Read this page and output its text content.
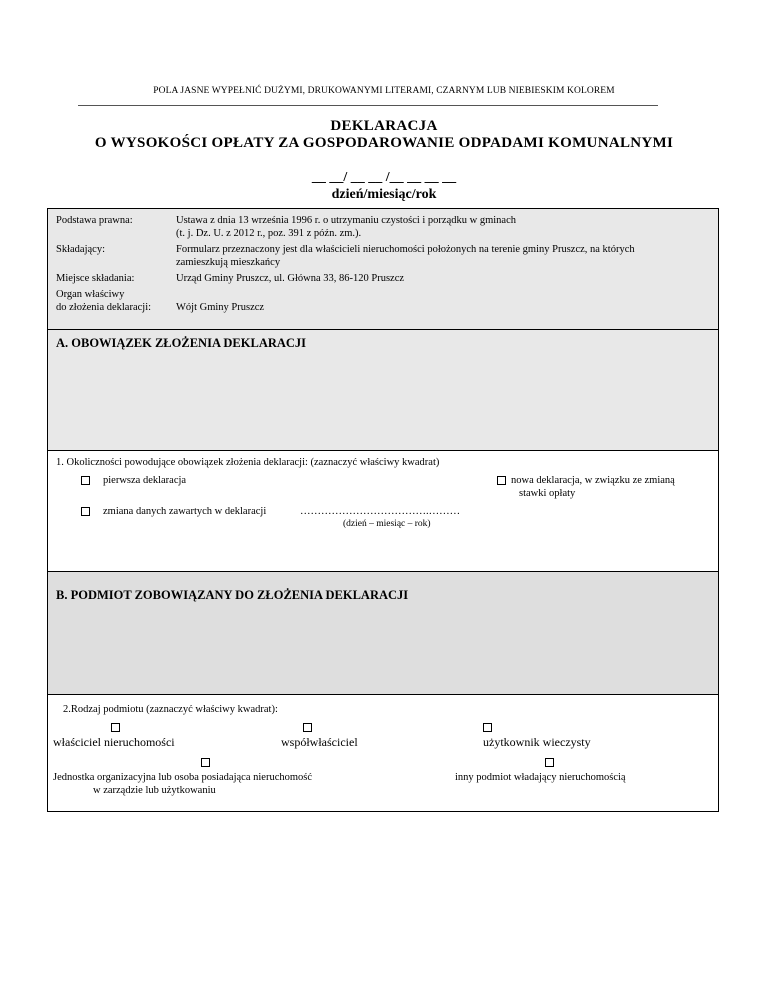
POLA JASNE WYPEŁNIĆ DUŻYMI, DRUKOWANYMI LITERAMI, CZARNYM LUB NIEBIESKIM KOLOREM
DEKLARACJA
O WYSOKOŚCI OPŁATY ZA GOSPODAROWANIE ODPADAMI KOMUNALNYMI
__ __/ __ __ /__ __ __ __
dzień/miesiąc/rok
Podstawa prawna:	Ustawa z dnia 13 września 1996 r. o utrzymaniu czystości i porządku w gminach
(t. j. Dz. U. z 2012 r., poz. 391 z późn. zm.).
Składający:	Formularz przeznaczony jest dla właścicieli nieruchomości położonych na terenie gminy Pruszcz, na których
zamieszkują mieszkańcy
Miejsce składania:	Urząd Gminy Pruszcz, ul. Główna 33, 86-120 Pruszcz
Organ właściwy
do złożenia deklaracji: Wójt Gminy Pruszcz
A. OBOWIĄZEK ZŁOŻENIA DEKLARACJI
1. Okoliczności powodujące obowiązek złożenia deklaracji: (zaznaczyć właściwy kwadrat)
pierwsza deklaracja	nowa deklaracja, w związku ze zmianą
stawki opłaty
zmiana danych zawartych w deklaracji	……………………………….………
(dzień – miesiąc – rok)
B. PODMIOT ZOBOWIĄZANY DO ZŁOŻENIA DEKLARACJI
2.Rodzaj podmiotu (zaznaczyć właściwy kwadrat):
właściciel nieruchomości	współwłaściciel	użytkownik wieczysty
Jednostka organizacyjna lub osoba posiadająca nieruchomość
w zarządzie lub użytkowaniu
inny podmiot władający nieruchomością
